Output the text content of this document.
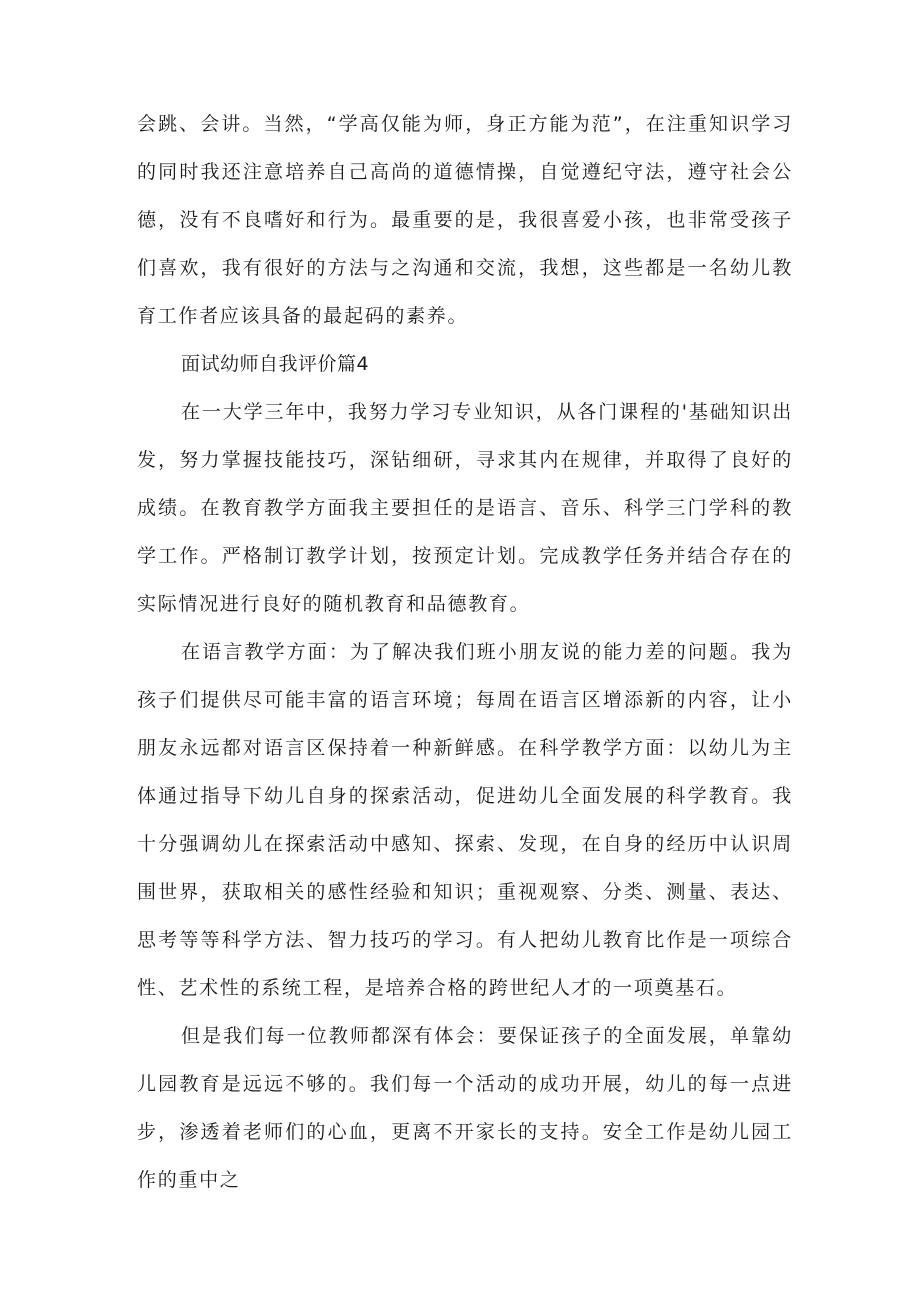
会跳、会讲。当然，“学高仅能为师，身正方能为范”，在注重知识学习的同时我还注意培养自己高尚的道德情操，自觉遵纪守法，遵守社会公德，没有不良嗜好和行为。最重要的是，我很喜爱小孩，也非常受孩子们喜欢，我有很好的方法与之沟通和交流，我想，这些都是一名幼儿教育工作者应该具备的最起码的素养。

面试幼师自我评价篇4

在一大学三年中，我努力学习专业知识，从各门课程的'基础知识出发，努力掌握技能技巧，深钻细研，寻求其内在规律，并取得了良好的成绩。在教育教学方面我主要担任的是语言、音乐、科学三门学科的教学工作。严格制订教学计划，按预定计划。完成教学任务并结合存在的实际情况进行良好的随机教育和品德教育。

在语言教学方面：为了解决我们班小朋友说的能力差的问题。我为孩子们提供尽可能丰富的语言环境；每周在语言区增添新的内容，让小朋友永远都对语言区保持着一种新鲜感。在科学教学方面：以幼儿为主体通过指导下幼儿自身的探索活动，促进幼儿全面发展的科学教育。我十分强调幼儿在探索活动中感知、探索、发现，在自身的经历中认识周围世界，获取相关的感性经验和知识；重视观察、分类、测量、表达、思考等等科学方法、智力技巧的学习。有人把幼儿教育比作是一项综合性、艺术性的系统工程，是培养合格的跨世纪人才的一项奠基石。

但是我们每一位教师都深有体会：要保证孩子的全面发展，单靠幼儿园教育是远远不够的。我们每一个活动的成功开展，幼儿的每一点进步，渗透着老师们的心血，更离不开家长的支持。安全工作是幼儿园工作的重中之
